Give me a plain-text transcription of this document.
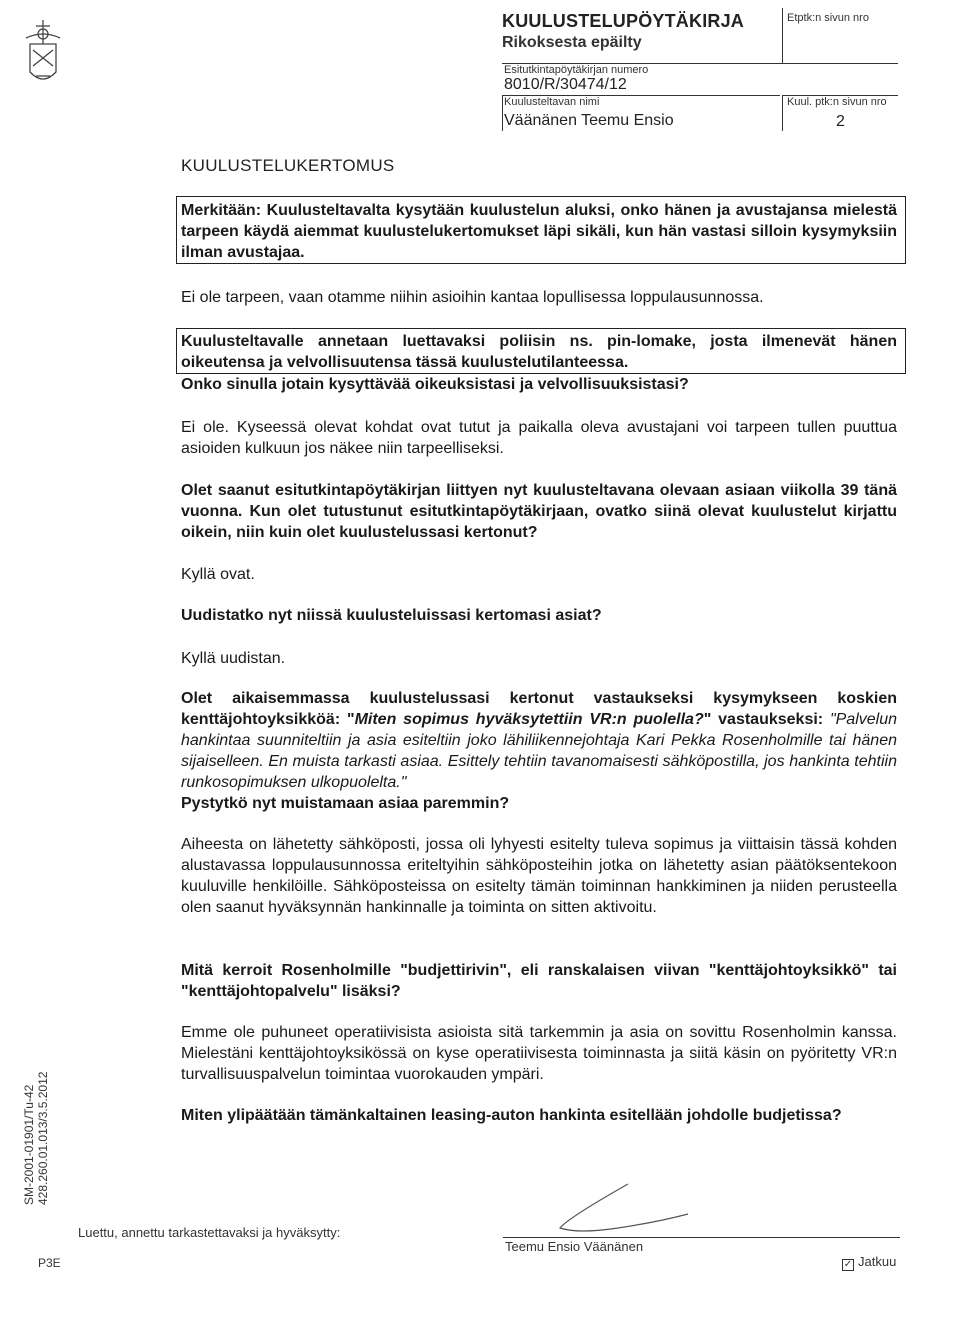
KUULUSTELUPÖYTÄKIRJA
Rikoksesta epäilty
Etptk:n sivun nro
Esitutkintapöytäkirjan numero
8010/R/30474/12
Kuulusteltavan nimi
Väänänen Teemu Ensio
Kuul. ptk:n sivun nro
2
KUULUSTELUKERTOMUS

Merkitään: Kuulusteltavalta kysytään kuulustelun aluksi, onko hänen ja avustajansa mielestä tarpeen käydä aiemmat kuulustelukertomukset läpi sikäli, kun hän vastasi silloin kysymyksiin ilman avustajaa.

Ei ole tarpeen, vaan otamme niihin asioihin kantaa lopullisessa loppulausunnossa.

Kuulusteltavalle annetaan luettavaksi poliisin ns. pin-lomake, josta ilmenevät hänen oikeutensa ja velvollisuutensa tässä kuulustelutilanteessa.

Onko sinulla jotain kysyttävää oikeuksistasi ja velvollisuuksistasi?

Ei ole. Kyseessä olevat kohdat ovat tutut ja paikalla oleva avustajani voi tarpeen tullen puuttua asioiden kulkuun jos näkee niin tarpeelliseksi.

Olet saanut esitutkintapöytäkirjan liittyen nyt kuulusteltavana olevaan asiaan viikolla 39 tänä vuonna. Kun olet tutustunut esitutkintapöytäkirjaan, ovatko siinä olevat kuulustelut kirjattu oikein, niin kuin olet kuulustelussasi kertonut?

Kyllä ovat.

Uudistatko nyt niissä kuulusteluissasi kertomasi asiat?

Kyllä uudistan.

Olet aikaisemmassa kuulustelussasi kertonut vastaukseksi kysymykseen koskien kenttäjohtoyksikköä: "Miten sopimus hyväksytettiin VR:n puolella?" vastaukseksi: "Palvelun hankintaa suunniteltiin ja asia esiteltiin joko lähiliikennejohtaja Kari Pekka Rosenholmille tai hänen sijaiselleen. En muista tarkasti asiaa. Esittely tehtiin tavanomaisesti sähköpostilla, jos hankinta tehtiin runkosopimuksen ulkopuolelta."
Pystytkö nyt muistamaan asiaa paremmin?

Aiheesta on lähetetty sähköposti, jossa oli lyhyesti esitelty tuleva sopimus ja viittaisin tässä kohden alustavassa loppulausunnossa eriteltyihin sähköposteihin jotka on lähetetty asian päätöksentekoon kuuluville henkilöille. Sähköposteissa on esitelty tämän toiminnan hankkiminen ja niiden perusteella olen saanut hyväksynnän hankinnalle ja toiminta on sitten aktivoitu.

Mitä kerroit Rosenholmille "budjettirivin", eli ranskalaisen viivan "kenttäjohtoyksikkö" tai "kenttäjohtopalvelu" lisäksi?

Emme ole puhuneet operatiivisista asioista sitä tarkemmin ja asia on sovittu Rosenholmin kanssa. Mielestäni kenttäjohtoyksikössä on kyse operatiivisesta toiminnasta ja siitä käsin on pyöritetty VR:n turvallisuuspalvelun toimintaa vuorokauden ympäri.

Miten ylipäätään tämänkaltainen leasing-auton hankinta esitellään johdolle budjetissa?

SM-2001-01901/Tu-42 428.260.01.013/3.5.2012
P3E
Luettu, annettu tarkastettavaksi ja hyväksytty:
Teemu Ensio Väänänen
✓ Jatkuu
